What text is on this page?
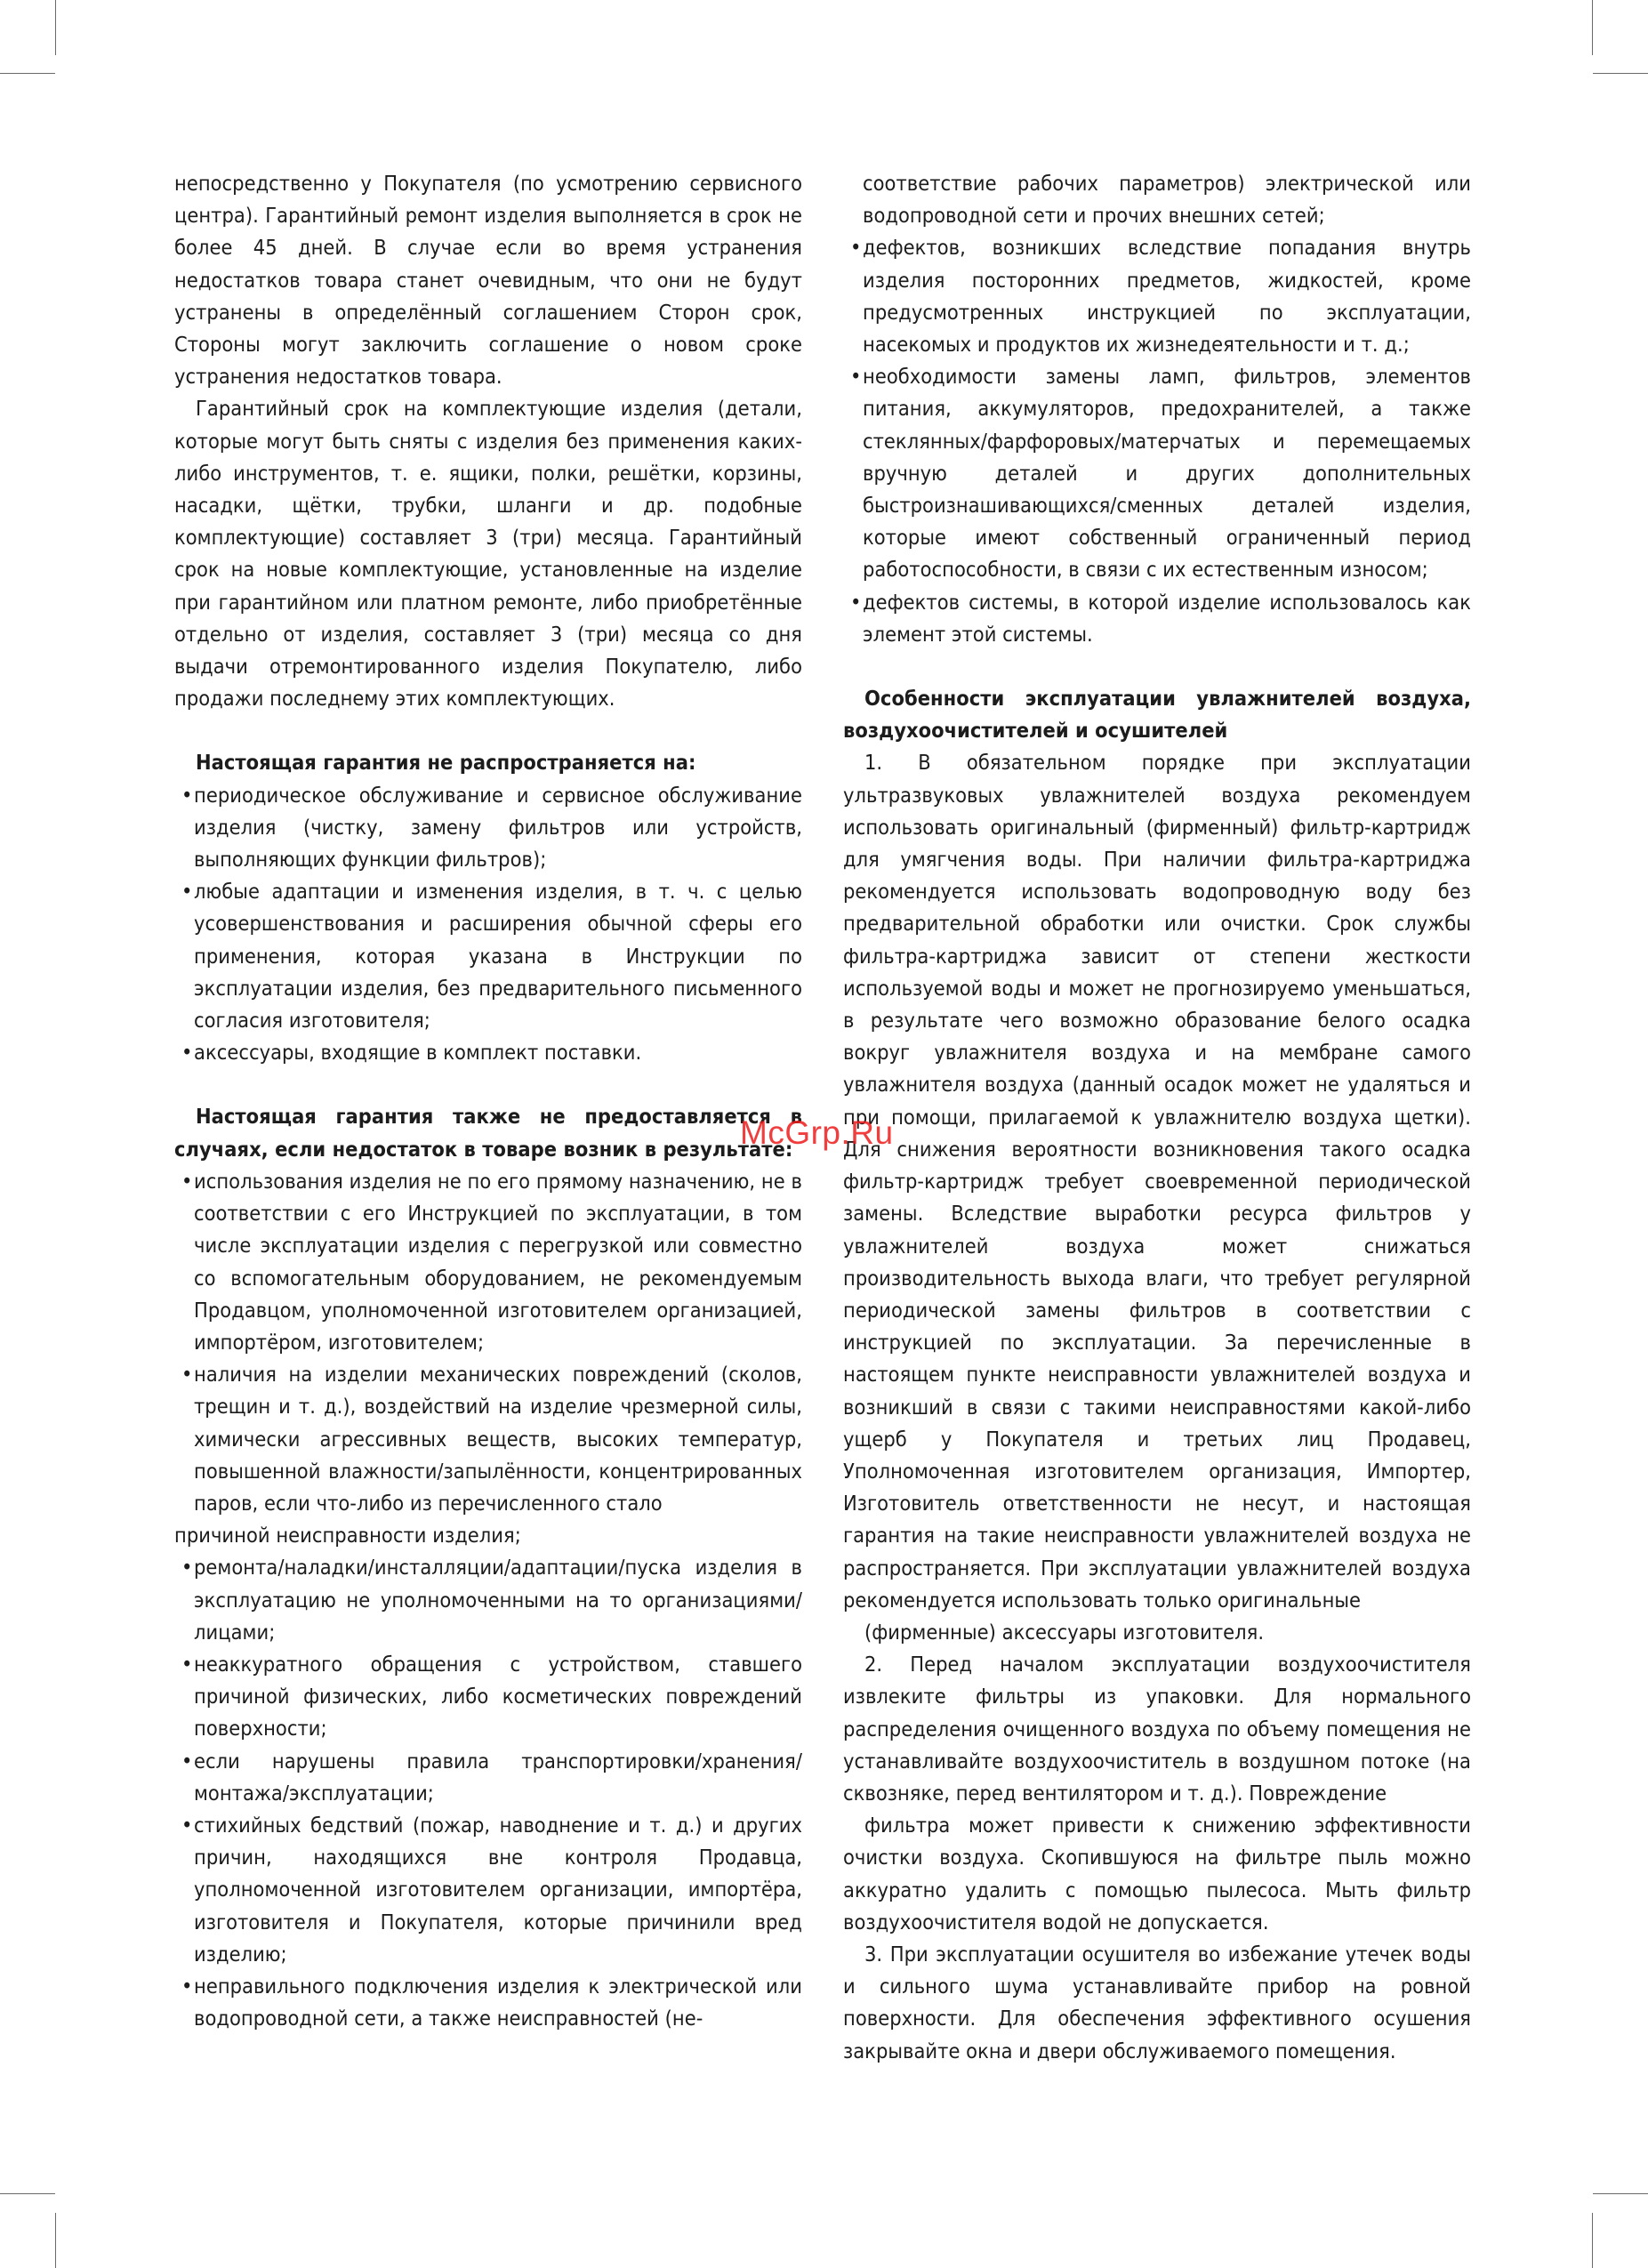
непосредственно у Покупателя (по усмотрению сервисного центра). Гарантийный ремонт изделия выполняется в срок не более 45 дней. В случае если во время устранения недостатков товара станет очевидным, что они не будут устранены в определённый соглашением Сторон срок, Стороны могут заключить соглашение о новом сроке устранения недостатков товара.

Гарантийный срок на комплектующие изделия (детали, которые могут быть сняты с изделия без применения каких-либо инструментов, т. е. ящики, полки, решётки, корзины, насадки, щётки, трубки, шланги и др. подобные комплектующие) составляет 3 (три) месяца. Гарантийный срок на новые комплектующие, установленные на изделие при гарантийном или платном ремонте, либо приобретённые отдельно от изделия, составляет 3 (три) месяца со дня выдачи отремонтированного изделия Покупателю, либо продажи последнему этих комплектующих.

Настоящая гарантия не распространяется на:

• периодическое обслуживание и сервисное обслуживание изделия (чистку, замену фильтров или устройств, выполняющих функции фильтров);
• любые адаптации и изменения изделия, в т. ч. с целью усовершенствования и расширения обычной сферы его применения, которая указана в Инструкции по эксплуатации изделия, без предварительного письменного согласия изготовителя;
• аксессуары, входящие в комплект поставки.

Настоящая гарантия также не предоставляется в случаях, если недостаток в товаре возник в результате:

• использования изделия не по его прямому назначению, не в соответствии с его Инструкцией по эксплуатации, в том числе эксплуатации изделия с перегрузкой или совместно со вспомогательным оборудованием, не рекомендуемым Продавцом, уполномоченной изготовителем организацией, импортёром, изготовителем;
• наличия на изделии механических повреждений (сколов, трещин и т. д.), воздействий на изделие чрезмерной силы, химически агрессивных веществ, высоких температур, повышенной влажности/запылённости, концентрированных паров, если что-либо из перечисленного стало

причиной неисправности изделия;

• ремонта/наладки/инсталляции/адаптации/пуска изделия в эксплуатацию не уполномоченными на то организациями/ лицами;
• неаккуратного обращения с устройством, ставшего причиной физических, либо косметических повреждений поверхности;
• если нарушены правила транспортировки/хранения/монтажа/эксплуатации;
• стихийных бедствий (пожар, наводнение и т. д.) и других причин, находящихся вне контроля Продавца, уполномоченной изготовителем организации, импортёра, изготовителя и Покупателя, которые причинили вред изделию;
• неправильного подключения изделия к электрической или водопроводной сети, а также неисправностей (не-

соответствие рабочих параметров) электрической или водопроводной сети и прочих внешних сетей;

• дефектов, возникших вследствие попадания внутрь изделия посторонних предметов, жидкостей, кроме предусмотренных инструкцией по эксплуатации, насекомых и продуктов их жизнедеятельности и т. д.;
• необходимости замены ламп, фильтров, элементов питания, аккумуляторов, предохранителей, а также стеклянных/фарфоровых/матерчатых и перемещаемых вручную деталей и других дополнительных быстроизнашивающихся/сменных деталей изделия, которые имеют собственный ограниченный период работоспособности, в связи с их естественным износом;
• дефектов системы, в которой изделие использовалось как элемент этой системы.

Особенности эксплуатации увлажнителей воздуха, воздухоочистителей и осушителей

1. В обязательном порядке при эксплуатации ультразвуковых увлажнителей воздуха рекомендуем использовать оригинальный (фирменный) фильтр-картридж для умягчения воды. При наличии фильтра-картриджа рекомендуется использовать водопроводную воду без предварительной обработки или очистки. Срок службы фильтра-картриджа зависит от степени жесткости используемой воды и может не прогнозируемо уменьшаться, в результате чего возможно образование белого осадка вокруг увлажнителя воздуха и на мембране самого увлажнителя воздуха (данный осадок может не удаляться и при помощи, прилагаемой к увлажнителю воздуха щетки). Для снижения вероятности возникновения такого осадка фильтр-картридж требует своевременной периодической замены. Вследствие выработки ресурса фильтров у увлажнителей воздуха может снижаться производительность выхода влаги, что требует регулярной периодической замены фильтров в соответствии с инструкцией по эксплуатации. За перечисленные в настоящем пункте неисправности увлажнителей воздуха и возникший в связи с такими неисправностями какой-либо ущерб у Покупателя и третьих лиц Продавец, Уполномоченная изготовителем организация, Импортер, Изготовитель ответственности не несут, и настоящая гарантия на такие неисправности увлажнителей воздуха не распространяется. При эксплуатации увлажнителей воздуха рекомендуется использовать только оригинальные

(фирменные) аксессуары изготовителя.

2. Перед началом эксплуатации воздухоочистителя извлеките фильтры из упаковки. Для нормального распределения очищенного воздуха по объему помещения не устанавливайте воздухоочиститель в воздушном потоке (на сквозняке, перед вентилятором и т. д.). Повреждение

фильтра может привести к снижению эффективности очистки воздуха. Скопившуюся на фильтре пыль можно аккуратно удалить с помощью пылесоса. Мыть фильтр воздухоочистителя водой не допускается.

3. При эксплуатации осушителя во избежание утечек воды и сильного шума устанавливайте прибор на ровной поверхности. Для обеспечения эффективного осушения закрывайте окна и двери обслуживаемого помещения.

McGrp.Ru
